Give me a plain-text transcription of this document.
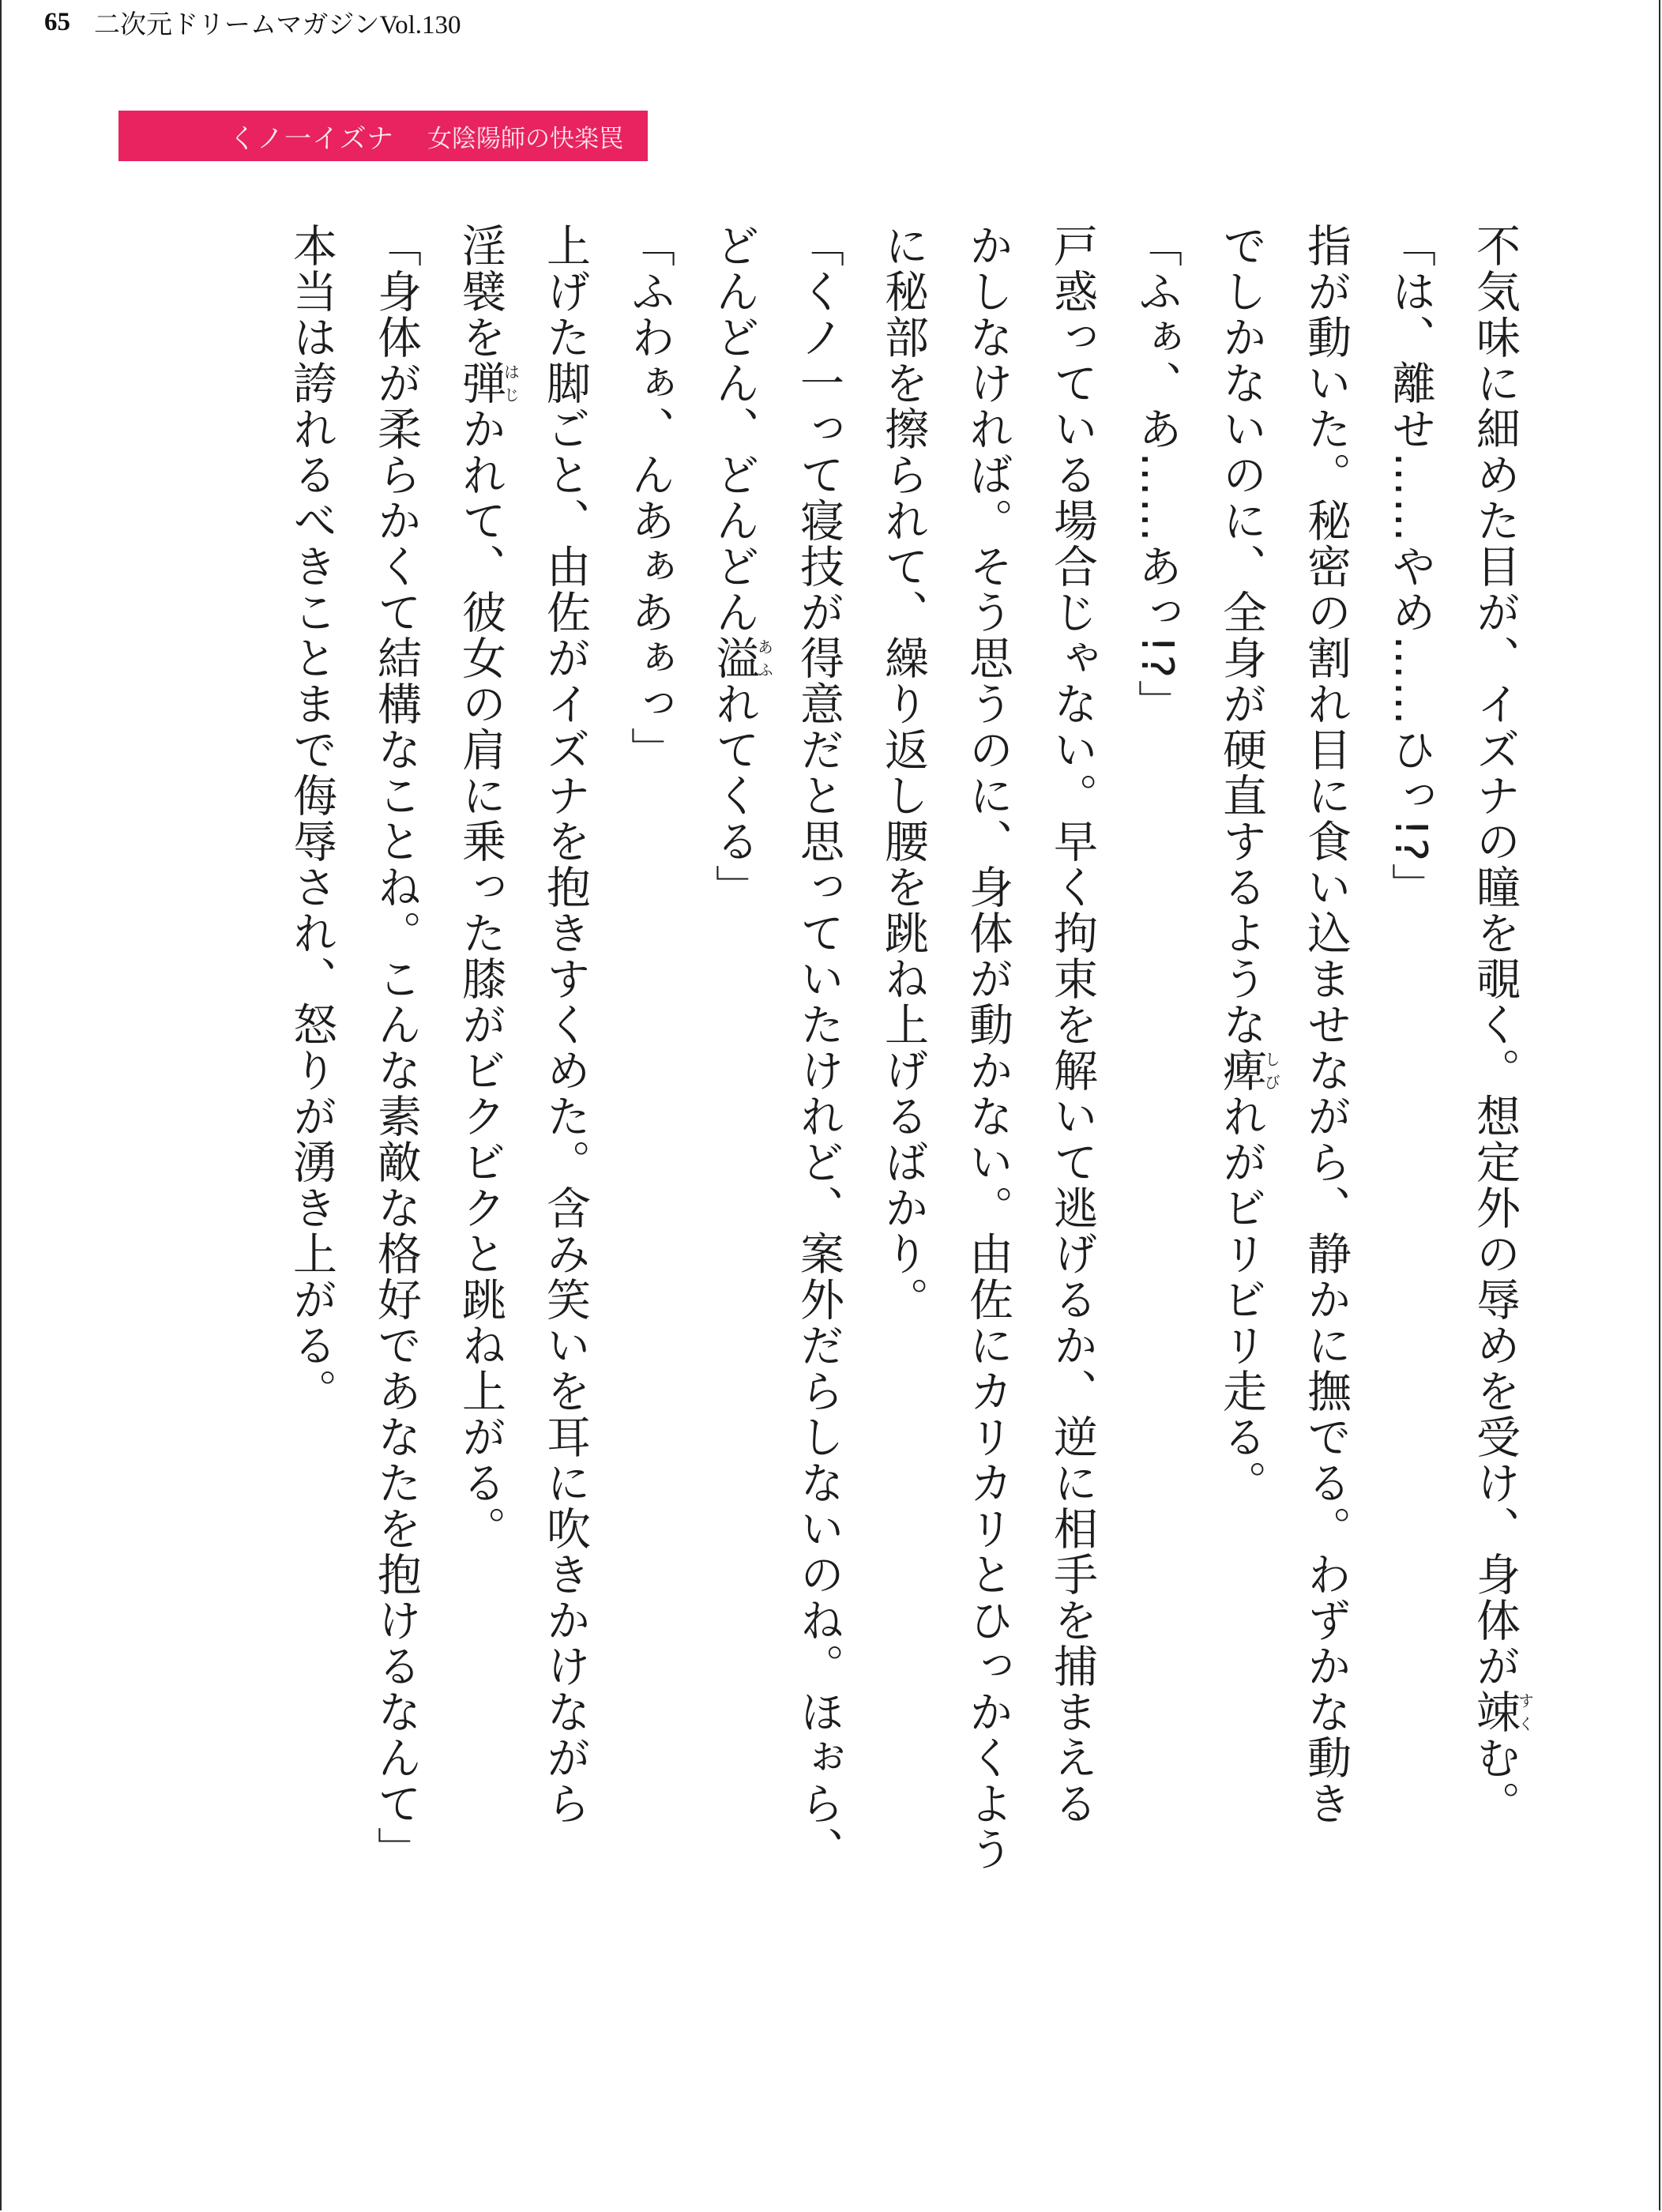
65 二次元ドリームマガジンVol.130
くノ一イズナ 女陰陽師の快楽罠

不気味に細めた目が、イズナの瞳を覗く。想定外の辱めを受け、身体が竦すくむ。

「は、離せ……やめ……ひっ!?」

指が動いた。秘密の割れ目に食い込ませながら、静かに撫でる。わずかな動き

でしかないのに、全身が硬直するような痺しびれがビリビリ走る。

「ふぁ、あ……あっ!?」

戸惑っている場合じゃない。早く拘束を解いて逃げるか、逆に相手を捕まえる

かしなければ。そう思うのに、身体が動かない。由佐にカリカリとひっかくよう

に秘部を擦られて、繰り返し腰を跳ね上げるばかり。

「くノ一って寝技が得意だと思っていたけれど、案外だらしないのね。ほぉら、

どんどん、どんどん溢あふれてくる」

「ふわぁ、んあぁあぁっ」

上げた脚ごと、由佐がイズナを抱きすくめた。含み笑いを耳に吹きかけながら

淫襞を弾はじかれて、彼女の肩に乗った膝がビクビクと跳ね上がる。

「身体が柔らかくて結構なことね。こんな素敵な格好であなたを抱けるなんて」

本当は誇れるべきことまで侮辱され、怒りが湧き上がる。
